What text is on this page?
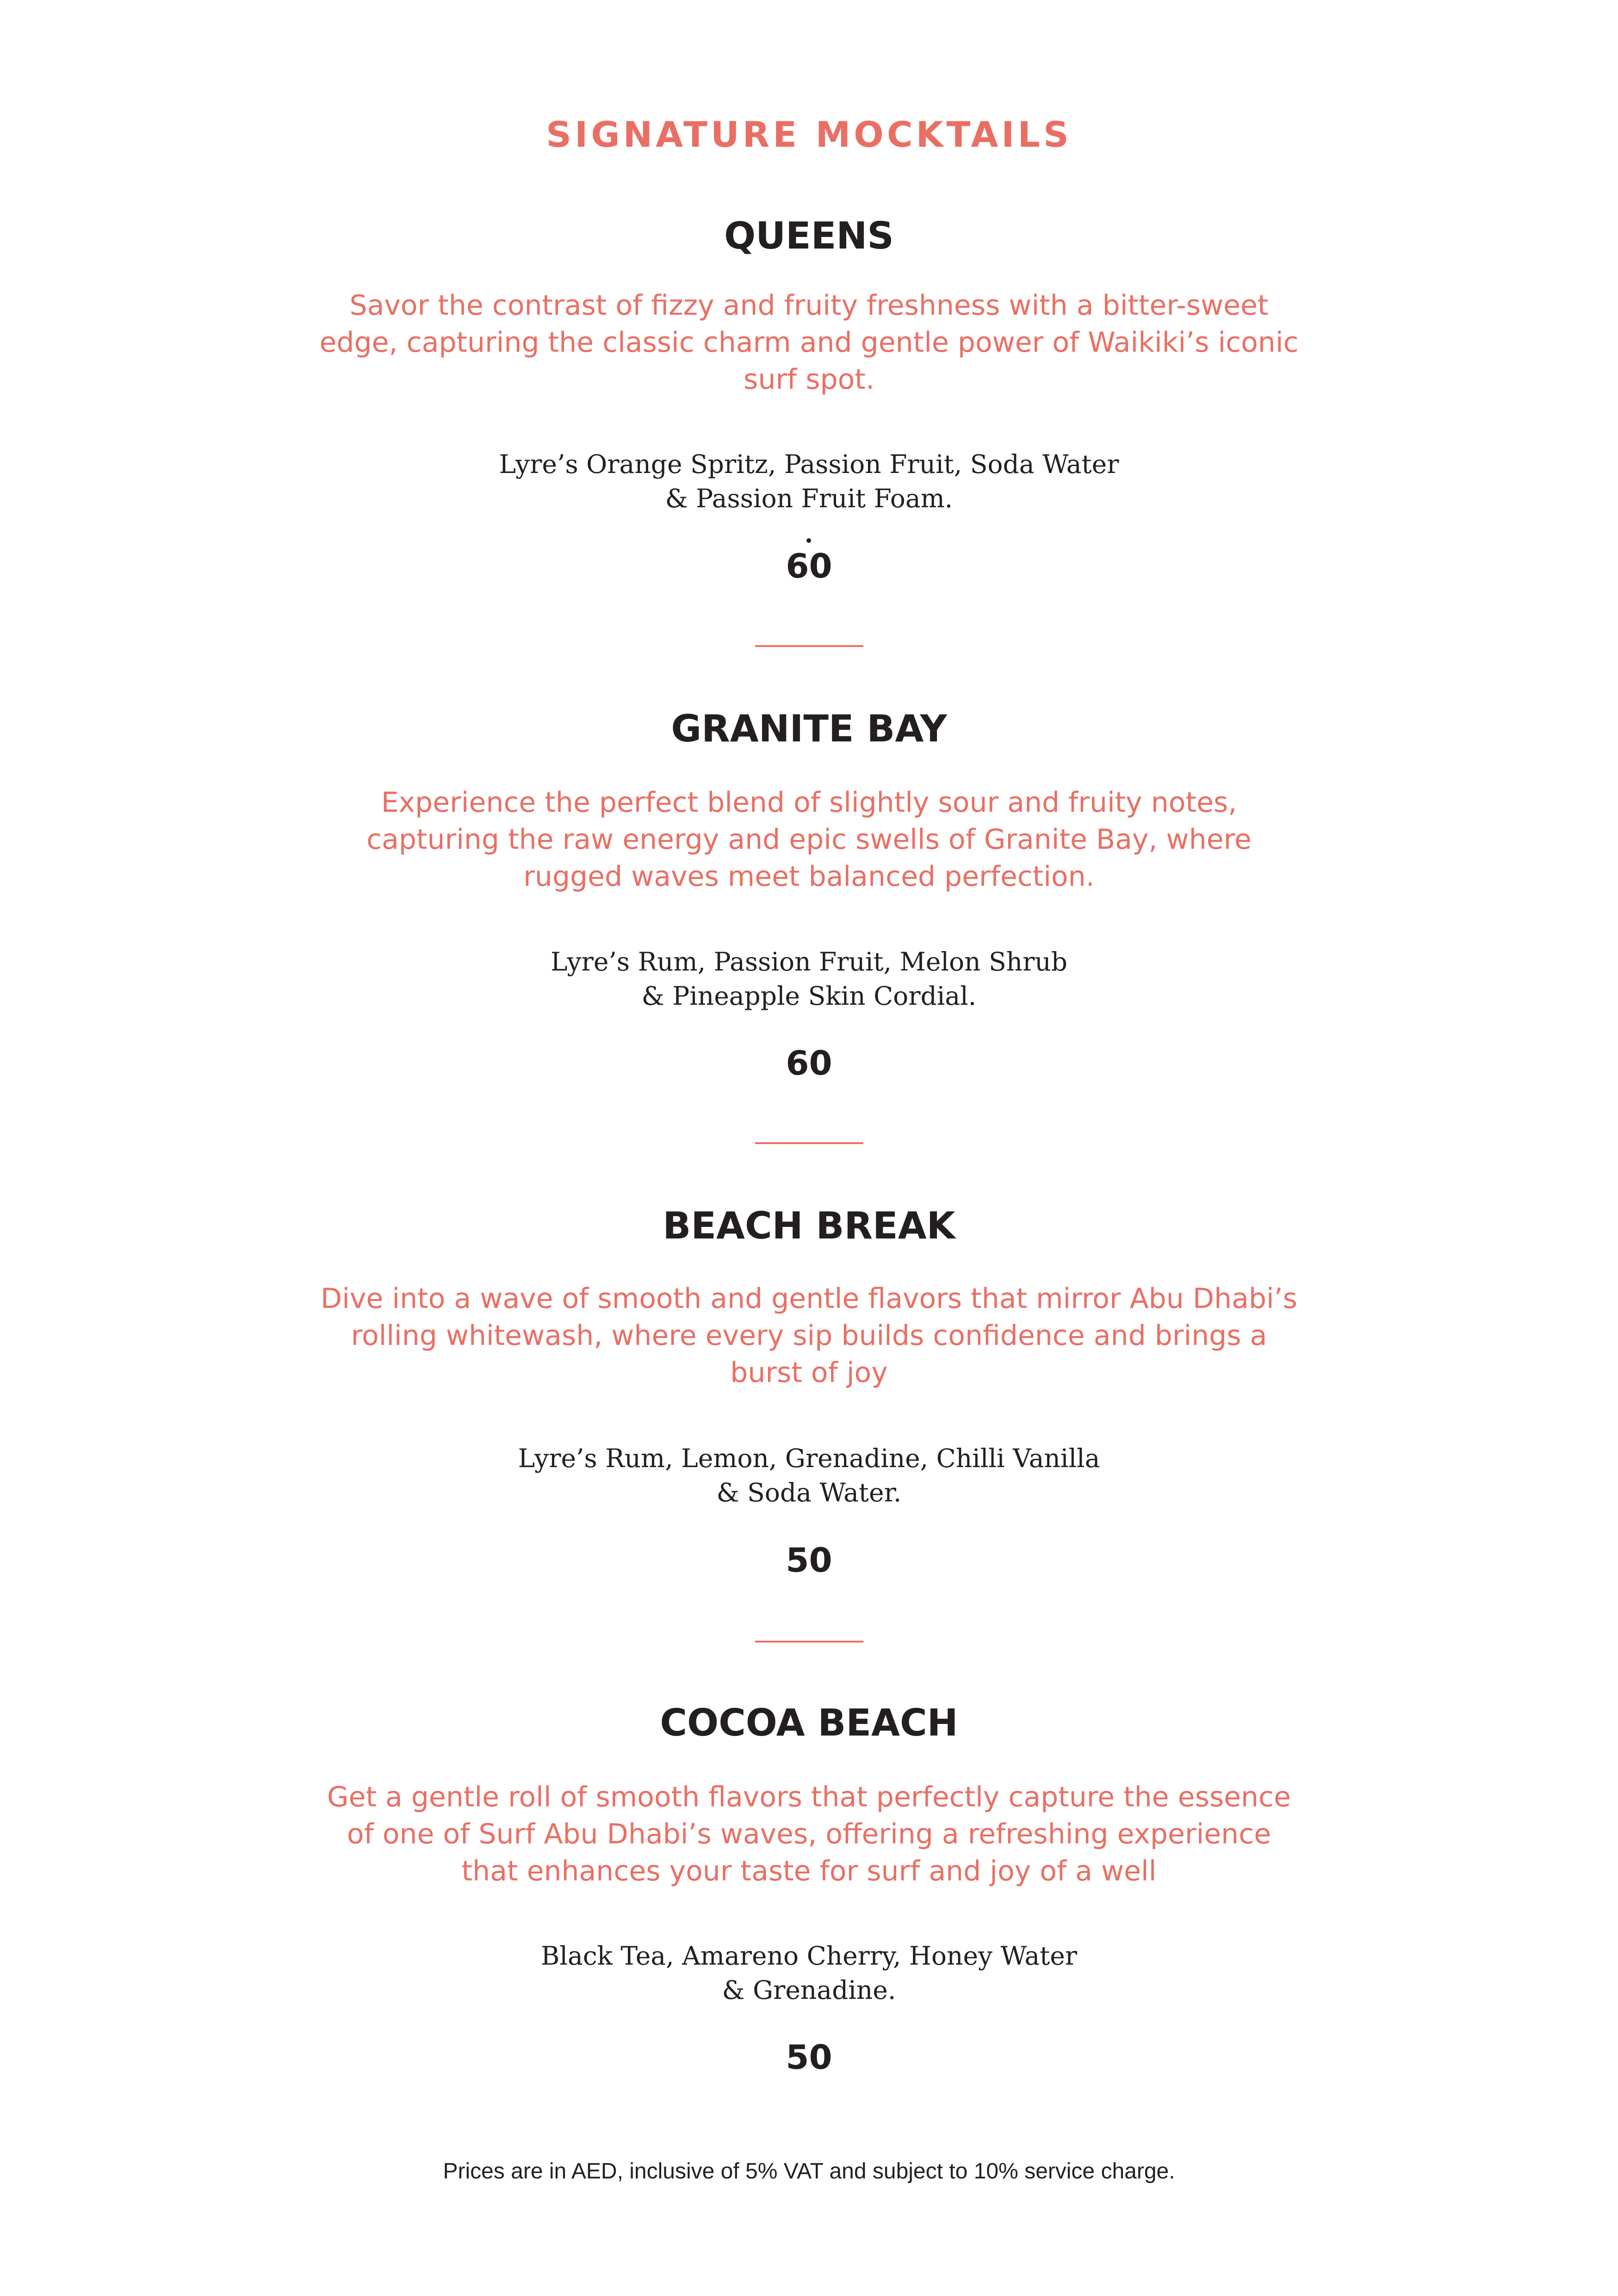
SIGNATURE MOCKTAILS
QUEENS
Savor the contrast of fizzy and fruity freshness with a bitter-sweet
edge, capturing the classic charm and gentle power of Waikiki’s iconic
surf spot.
Lyre’s Orange Spritz, Passion Fruit, Soda Water
& Passion Fruit Foam.
60
GRANITE BAY
Experience the perfect blend of slightly sour and fruity notes,
capturing the raw energy and epic swells of Granite Bay, where
rugged waves meet balanced perfection.
Lyre’s Rum, Passion Fruit, Melon Shrub
& Pineapple Skin Cordial.
60
BEACH BREAK
Dive into a wave of smooth and gentle flavors that mirror Abu Dhabi’s
rolling whitewash, where every sip builds confidence and brings a
burst of joy
Lyre’s Rum, Lemon, Grenadine, Chilli Vanilla
& Soda Water.
50
COCOA BEACH
Get a gentle roll of smooth flavors that perfectly capture the essence
of one of Surf Abu Dhabi’s waves, offering a refreshing experience
that enhances your taste for surf and joy of a well
Black Tea, Amareno Cherry, Honey Water
& Grenadine.
50
Prices are in AED, inclusive of 5% VAT and subject to 10% service charge.
